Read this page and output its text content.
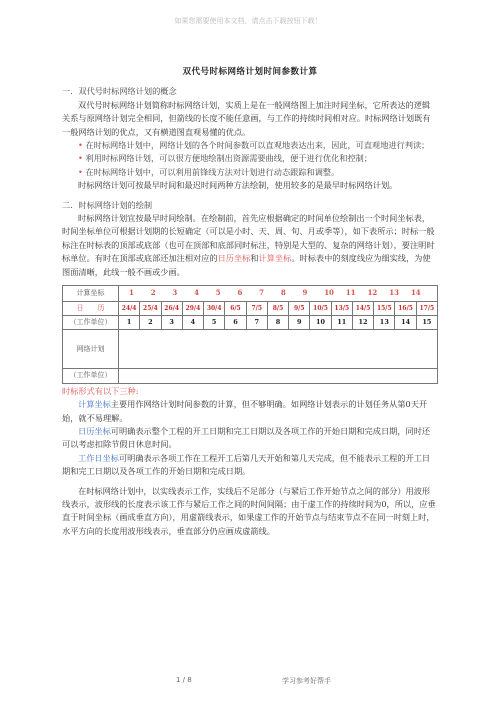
如果您需要使用本文档，请点击下载按钮下载！
双代号时标网络计划时间参数计算

一．双代号时标网络计划的概念

双代号时标网络计划简称时标网络计划，实质上是在一般网络图上加注时间坐标，它所表达的逻辑关系与原网络计划完全相同，但箭线的长度不能任意画，与工作的持续时间相对应。时标网络计划既有一般网络计划的优点，又有横道图直观易懂的优点。

• 在时标网络计划中，网络计划的各个时间参数可以直观地表达出来，因此，可直观地进行判读；

• 利用时标网络计划，可以很方便地绘制出资源需要曲线，便于进行优化和控制；

• 在时标网络计划中，可以利用前锋线方法对计划进行动态跟踪和调整。

时标网络计划可按最早时间和最迟时间两种方法绘制，使用较多的是最早时标网络计划。

二．时标网络计划的绘制

时标网络计划宜按最早时间绘制。在绘制前，首先应根据确定的时间单位绘制出一个时间坐标表，时间坐标单位可根据计划期的长短确定（可以是小时、天、周、旬、月或季等），如下表所示；时标一般标注在时标表的顶部或底部（也可在顶部和底部同时标注，特别是大型的、复杂的网络计划），要注明时标单位。有时在顶部或底部还加注相对应的日历坐标和计算坐标。时标表中的刻度线应为细实线，为使图面清晰，此线一般不画或少画。

计算坐标	1 2 3 4 5 6 7 8 9 10 11 12 13 14														
日　　历	24/4	25/4	26/4	29/4	30/4	6/5	7/5	8/5	9/5	10/5	13/5	14/5	15/5	16/5	17/5
（工作单位）	1	2	3	4	5	6	7	8	9	10	11	12	13	14	15
网络计划															
（工作单位）															

时标形式有以下三种:

计算坐标主要用作网络计划时间参数的计算，但不够明确。如网络计划表示的计划任务从第0天开始，就不易理解。

日历坐标可明确表示整个工程的开工日期和完工日期以及各项工作的开始日期和完成日期，同时还可以考虑扣除节假日休息时间。

工作日坐标可明确表示各项工作在工程开工后第几天开始和第几天完成，但不能表示工程的开工日期和完工日期以及各项工作的开始日期和完成日期。

在时标网络计划中，以实线表示工作，实线后不足部分（与紧后工作开始节点之间的部分）用波形线表示，波形线的长度表示该工作与紧后工作之间的时间间隔；由于虚工作的持续时间为0，所以，应垂直于时间坐标（画成垂直方向），用虚箭线表示，如果虚工作的开始节点与结束节点不在同一时刻上时，水平方向的长度用波形线表示，垂直部分仍应画成虚箭线。

1 / 8	学习参考好帮手
